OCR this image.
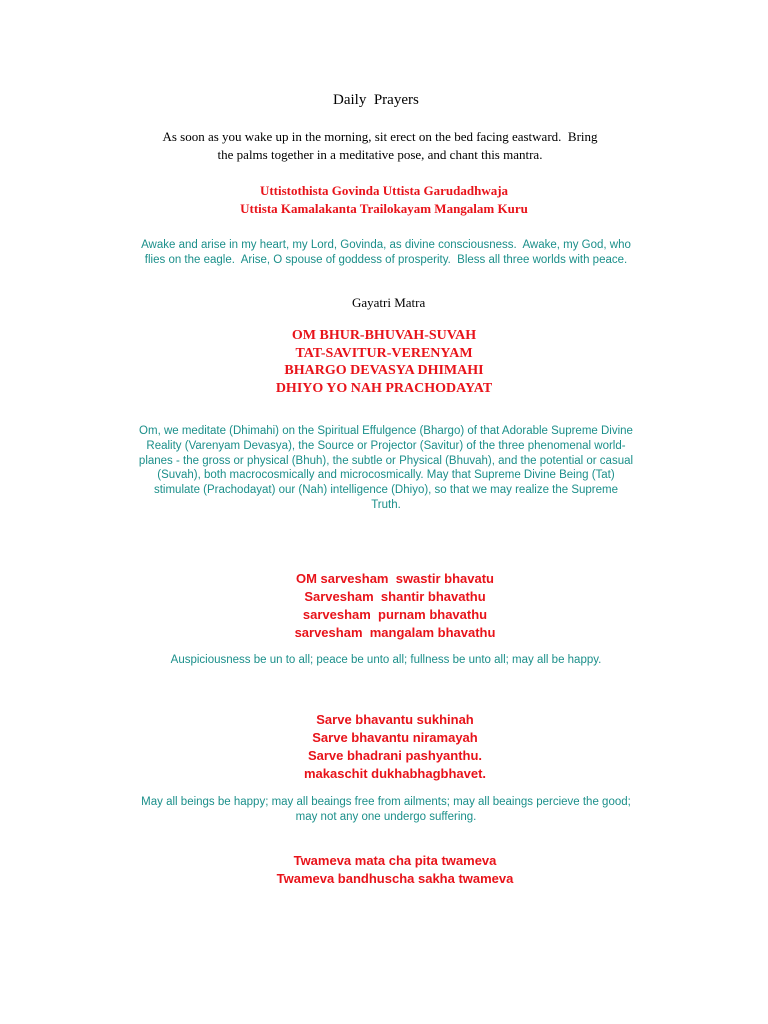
Daily  Prayers
As soon as you wake up in the morning, sit erect on the bed facing eastward.  Bring
the palms together in a meditative pose, and chant this mantra.
Uttistothista Govinda Uttista Garudadhwaja
Uttista Kamalakanta Trailokayam Mangalam Kuru
Awake and arise in my heart, my Lord, Govinda, as divine consciousness.  Awake, my God, who
flies on the eagle.  Arise, O spouse of goddess of prosperity.  Bless all three worlds with peace.
Gayatri Matra
OM BHUR-BHUVAH-SUVAH
TAT-SAVITUR-VERENYAM
BHARGO DEVASYA DHIMAHI
DHIYO YO NAH PRACHODAYAT
Om, we meditate (Dhimahi) on the Spiritual Effulgence (Bhargo) of that Adorable Supreme Divine
Reality (Varenyam Devasya), the Source or Projector (Savitur) of the three phenomenal world-
planes - the gross or physical (Bhuh), the subtle or Physical (Bhuvah), and the potential or casual
(Suvah), both macrocosmically and microcosmically. May that Supreme Divine Being (Tat)
stimulate (Prachodayat) our (Nah) intelligence (Dhiyo), so that we may realize the Supreme
Truth.
OM sarvesham  swastir bhavatu
Sarvesham  shantir bhavathu
sarvesham  purnam bhavathu
sarvesham  mangalam bhavathu
Auspiciousness be un to all; peace be unto all; fullness be unto all; may all be happy.
Sarve bhavantu sukhinah
Sarve bhavantu niramayah
Sarve bhadrani pashyanthu.
makaschit dukhabhagbhavet.
May all beings be happy; may all beaings free from ailments; may all beaings percieve the good;
may not any one undergo suffering.
Twameva mata cha pita twameva
Twameva bandhuscha sakha twameva
